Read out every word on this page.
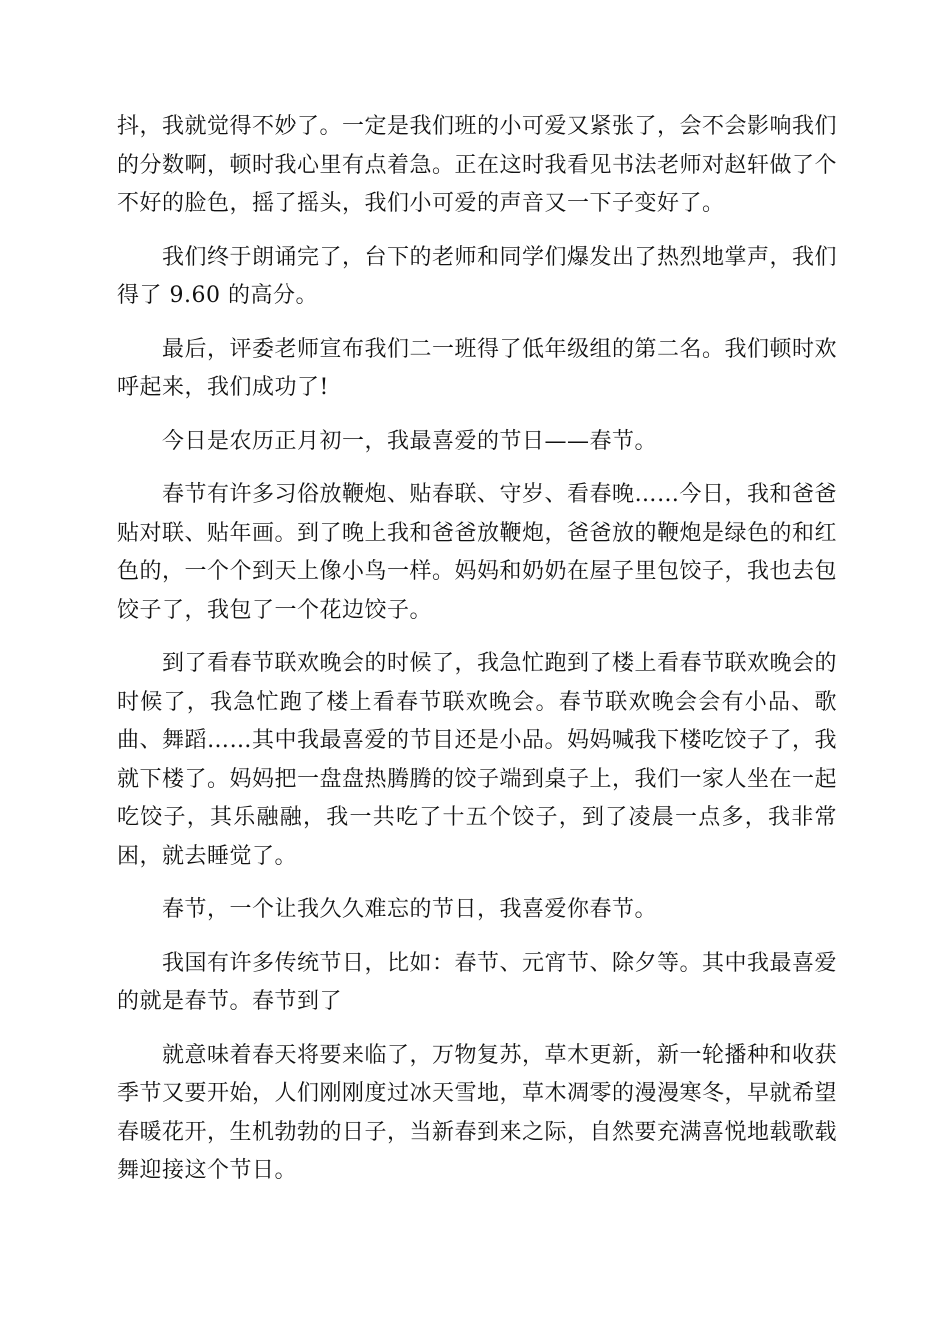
抖，我就觉得不妙了。一定是我们班的小可爱又紧张了，会不会影响我们的分数啊，顿时我心里有点着急。正在这时我看见书法老师对赵轩做了个不好的脸色，摇了摇头，我们小可爱的声音又一下子变好了。

我们终于朗诵完了，台下的老师和同学们爆发出了热烈地掌声，我们得了 9.60 的高分。

最后，评委老师宣布我们二一班得了低年级组的第二名。我们顿时欢呼起来，我们成功了!

今日是农历正月初一，我最喜爱的节日——春节。

春节有许多习俗放鞭炮、贴春联、守岁、看春晚……今日，我和爸爸贴对联、贴年画。到了晚上我和爸爸放鞭炮，爸爸放的鞭炮是绿色的和红色的，一个个到天上像小鸟一样。妈妈和奶奶在屋子里包饺子，我也去包饺子了，我包了一个花边饺子。

到了看春节联欢晚会的时候了，我急忙跑到了楼上看春节联欢晚会的时候了，我急忙跑了楼上看春节联欢晚会。春节联欢晚会会有小品、歌曲、舞蹈……其中我最喜爱的节目还是小品。妈妈喊我下楼吃饺子了，我就下楼了。妈妈把一盘盘热腾腾的饺子端到桌子上，我们一家人坐在一起吃饺子，其乐融融，我一共吃了十五个饺子，到了凌晨一点多，我非常困，就去睡觉了。

春节，一个让我久久难忘的节日，我喜爱你春节。

我国有许多传统节日，比如：春节、元宵节、除夕等。其中我最喜爱的就是春节。春节到了

就意味着春天将要来临了，万物复苏，草木更新，新一轮播种和收获季节又要开始，人们刚刚度过冰天雪地，草木凋零的漫漫寒冬，早就希望春暖花开，生机勃勃的日子，当新春到来之际，自然要充满喜悦地载歌载舞迎接这个节日。
